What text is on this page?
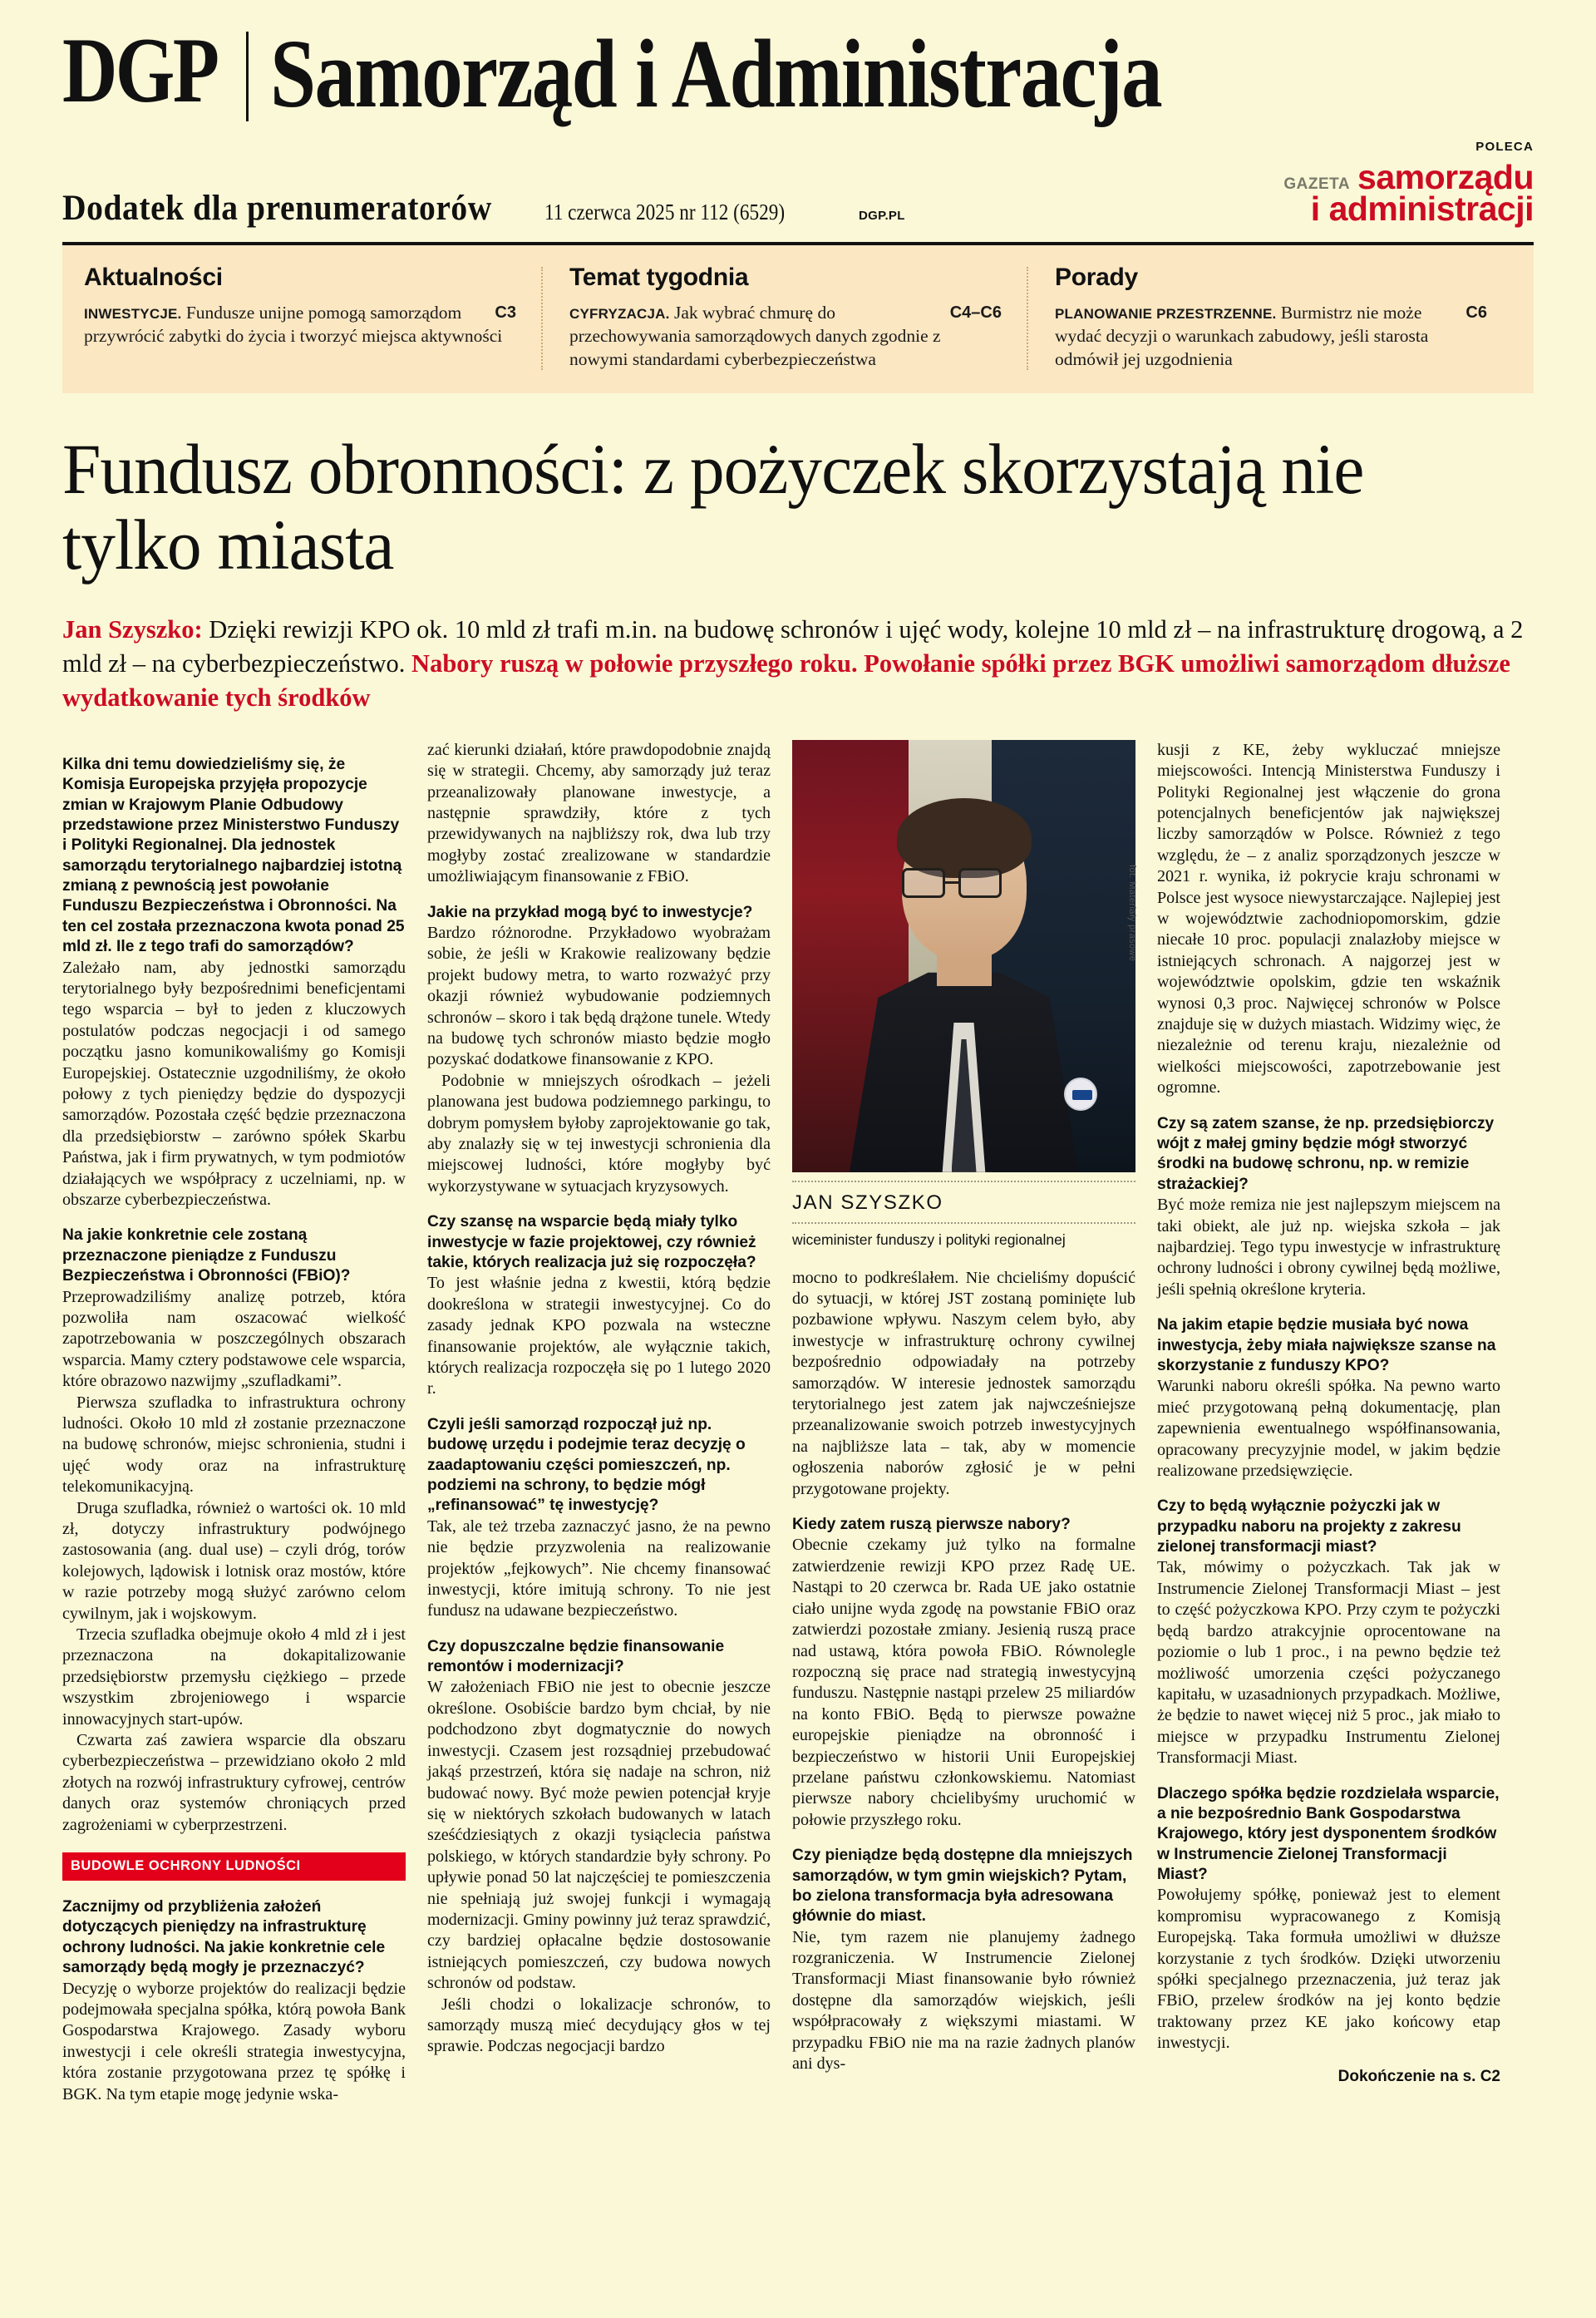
DGP Samorząd i Administracja
Dodatek dla prenumeratorów 11 czerwca 2025 nr 112 (6529)	DGP.PL
POLECA
GAZETA samorządu
i administracji
Aktualności

C3
INWESTYCJE. Fundusze unijne pomogą samorządom przywrócić zabytki do życia i tworzyć miejsca aktywności

Temat tygodnia

C4–C6
CYFRYZACJA. Jak wybrać chmurę do przechowywania samorządowych danych zgodnie z nowymi standardami cyberbezpieczeństwa

Porady

C6
PLANOWANIE PRZESTRZENNE. Burmistrz nie może wydać decyzji o warunkach zabudowy, jeśli starosta odmówił jej uzgodnienia

Fundusz obronności: z pożyczek skorzystają nie tylko miasta

Jan Szyszko: Dzięki rewizji KPO ok. 10 mld zł trafi m.in. na budowę schronów i ujęć wody, kolejne 10 mld zł – na infrastrukturę drogową, a 2 mld zł – na cyberbezpieczeństwo. Nabory ruszą w połowie przyszłego roku. Powołanie spółki przez BGK umożliwi samorządom dłuższe wydatkowanie tych środków

Kilka dni temu dowiedzieliśmy się, że Komisja Europejska przyjęła propozycje zmian w Krajowym Planie Odbudowy przedstawione przez Ministerstwo Funduszy i Polityki Regionalnej. Dla jednostek samorządu terytorialnego najbardziej istotną zmianą z pewnością jest powołanie Funduszu Bezpieczeństwa i Obronności. Na ten cel została przeznaczona kwota ponad 25 mld zł. Ile z tego trafi do samorządów?

Zależało nam, aby jednostki samorządu terytorialnego były bezpośrednimi beneficjentami tego wsparcia – był to jeden z kluczowych postulatów podczas negocjacji i od samego początku jasno komunikowaliśmy go Komisji Europejskiej. Ostatecznie uzgodniliśmy, że około połowy z tych pieniędzy będzie do dyspozycji samorządów. Pozostała część będzie przeznaczona dla przedsiębiorstw – zarówno spółek Skarbu Państwa, jak i firm prywatnych, w tym podmiotów działających we współpracy z uczelniami, np. w obszarze cyberbezpieczeństwa.

Na jakie konkretnie cele zostaną przeznaczone pieniądze z Funduszu Bezpieczeństwa i Obronności (FBiO)?

Przeprowadziliśmy analizę potrzeb, która pozwoliła nam oszacować wielkość zapotrzebowania w poszczególnych obszarach wsparcia. Mamy cztery podstawowe cele wsparcia, które obrazowo nazwijmy „szufladkami”.

Pierwsza szufladka to infrastruktura ochrony ludności. Około 10 mld zł zostanie przeznaczone na budowę schronów, miejsc schronienia, studni i ujęć wody oraz na infrastrukturę telekomunikacyjną.

Druga szufladka, również o wartości ok. 10 mld zł, dotyczy infrastruktury podwójnego zastosowania (ang. dual use) – czyli dróg, torów kolejowych, lądowisk i lotnisk oraz mostów, które w razie potrzeby mogą służyć zarówno celom cywilnym, jak i wojskowym.

Trzecia szufladka obejmuje około 4 mld zł i jest przeznaczona na dokapitalizowanie przedsiębiorstw przemysłu ciężkiego – przede wszystkim zbrojeniowego i wsparcie innowacyjnych start-upów.

Czwarta zaś zawiera wsparcie dla obszaru cyberbezpieczeństwa – przewidziano około 2 mld złotych na rozwój infrastruktury cyfrowej, centrów danych oraz systemów chroniących przed zagrożeniami w cyberprzestrzeni.

BUDOWLE OCHRONY LUDNOŚCI

Zacznijmy od przybliżenia założeń dotyczących pieniędzy na infrastrukturę ochrony ludności. Na jakie konkretnie cele samorządy będą mogły je przeznaczyć?

Decyzję o wyborze projektów do realizacji będzie podejmowała specjalna spółka, którą powoła Bank Gospodarstwa Krajowego. Zasady wyboru inwestycji i cele określi strategia inwestycyjna, która zostanie przygotowana przez tę spółkę i BGK. Na tym etapie mogę jedynie wska-

zać kierunki działań, które prawdopodobnie znajdą się w strategii. Chcemy, aby samorządy już teraz przeanalizowały planowane inwestycje, a następnie sprawdziły, które z tych przewidywanych na najbliższy rok, dwa lub trzy mogłyby zostać zrealizowane w standardzie umożliwiającym finansowanie z FBiO.

Jakie na przykład mogą być to inwestycje?

Bardzo różnorodne. Przykładowo wyobrażam sobie, że jeśli w Krakowie realizowany będzie projekt budowy metra, to warto rozważyć przy okazji również wybudowanie podziemnych schronów – skoro i tak będą drążone tunele. Wtedy na budowę tych schronów miasto będzie mogło pozyskać dodatkowe finansowanie z KPO.

Podobnie w mniejszych ośrodkach – jeżeli planowana jest budowa podziemnego parkingu, to dobrym pomysłem byłoby zaprojektowanie go tak, aby znalazły się w tej inwestycji schronienia dla miejscowej ludności, które mogłyby być wykorzystywane w sytuacjach kryzysowych.

Czy szansę na wsparcie będą miały tylko inwestycje w fazie projektowej, czy również takie, których realizacja już się rozpoczęła?

To jest właśnie jedna z kwestii, którą będzie dookreślona w strategii inwestycyjnej. Co do zasady jednak KPO pozwala na wsteczne finansowanie projektów, ale wyłącznie takich, których realizacja rozpoczęła się po 1 lutego 2020 r.

Czyli jeśli samorząd rozpoczął już np. budowę urzędu i podejmie teraz decyzję o zaadaptowaniu części pomieszczeń, np. podziemi na schrony, to będzie mógł „refinansować” tę inwestycję?

Tak, ale też trzeba zaznaczyć jasno, że na pewno nie będzie przyzwolenia na realizowanie projektów „fejkowych”. Nie chcemy finansować inwestycji, które imitują schrony. To nie jest fundusz na udawane bezpieczeństwo.

Czy dopuszczalne będzie finansowanie remontów i modernizacji?

W założeniach FBiO nie jest to obecnie jeszcze określone. Osobiście bardzo bym chciał, by nie podchodzono zbyt dogmatycznie do nowych inwestycji. Czasem jest rozsądniej przebudować jakąś przestrzeń, która się nadaje na schron, niż budować nowy. Być może pewien potencjał kryje się w niektórych szkołach budowanych w latach sześćdziesiątych z okazji tysiąclecia państwa polskiego, w których standardzie były schrony. Po upływie ponad 50 lat najczęściej te pomieszczenia nie spełniają już swojej funkcji i wymagają modernizacji. Gminy powinny już teraz sprawdzić, czy bardziej opłacalne będzie dostosowanie istniejących pomieszczeń, czy budowa nowych schronów od podstaw.

Jeśli chodzi o lokalizacje schronów, to samorządy muszą mieć decydujący głos w tej sprawie. Podczas negocjacji bardzo

fot. Materiały prasowe
JAN SZYSZKO
wiceminister funduszy i polityki regionalnej

mocno to podkreślałem. Nie chcieliśmy dopuścić do sytuacji, w której JST zostaną pominięte lub pozbawione wpływu. Naszym celem było, aby inwestycje w infrastrukturę ochrony cywilnej bezpośrednio odpowiadały na potrzeby samorządów. W interesie jednostek samorządu terytorialnego jest zatem jak najwcześniejsze przeanalizowanie swoich potrzeb inwestycyjnych na najbliższe lata – tak, aby w momencie ogłoszenia naborów zgłosić je w pełni przygotowane projekty.

Kiedy zatem ruszą pierwsze nabory?

Obecnie czekamy już tylko na formalne zatwierdzenie rewizji KPO przez Radę UE. Nastąpi to 20 czerwca br. Rada UE jako ostatnie ciało unijne wyda zgodę na powstanie FBiO oraz zatwierdzi pozostałe zmiany. Jesienią ruszą prace nad ustawą, która powoła FBiO. Równolegle rozpoczną się prace nad strategią inwestycyjną funduszu. Następnie nastąpi przelew 25 miliardów na konto FBiO. Będą to pierwsze poważne europejskie pieniądze na obronność i bezpieczeństwo w historii Unii Europejskiej przelane państwu członkowskiemu. Natomiast pierwsze nabory chcielibyśmy uruchomić w połowie przyszłego roku.

Czy pieniądze będą dostępne dla mniejszych samorządów, w tym gmin wiejskich? Pytam, bo zielona transformacja była adresowana głównie do miast.

Nie, tym razem nie planujemy żadnego rozgraniczenia. W Instrumencie Zielonej Transformacji Miast finansowanie było również dostępne dla samorządów wiejskich, jeśli współpracowały z większymi miastami. W przypadku FBiO nie ma na razie żadnych planów ani dys-

kusji z KE, żeby wykluczać mniejsze miejscowości. Intencją Ministerstwa Funduszy i Polityki Regionalnej jest włączenie do grona potencjalnych beneficjentów jak największej liczby samorządów w Polsce. Również z tego względu, że – z analiz sporządzonych jeszcze w 2021 r. wynika, iż pokrycie kraju schronami w Polsce jest wysoce niewystarczające. Najlepiej jest w województwie zachodniopomorskim, gdzie niecałe 10 proc. populacji znalazłoby miejsce w istniejących schronach. A najgorzej jest w województwie opolskim, gdzie ten wskaźnik wynosi 0,3 proc. Najwięcej schronów w Polsce znajduje się w dużych miastach. Widzimy więc, że niezależnie od terenu kraju, niezależnie od wielkości miejscowości, zapotrzebowanie jest ogromne.

Czy są zatem szanse, że np. przedsiębiorczy wójt z małej gminy będzie mógł stworzyć środki na budowę schronu, np. w remizie strażackiej?

Być może remiza nie jest najlepszym miejscem na taki obiekt, ale już np. wiejska szkoła – jak najbardziej. Tego typu inwestycje w infrastrukturę ochrony ludności i obrony cywilnej będą możliwe, jeśli spełnią określone kryteria.

Na jakim etapie będzie musiała być nowa inwestycja, żeby miała największe szanse na skorzystanie z funduszy KPO?

Warunki naboru określi spółka. Na pewno warto mieć przygotowaną pełną dokumentację, plan zapewnienia ewentualnego współfinansowania, opracowany precyzyjnie model, w jakim będzie realizowane przedsięwzięcie.

Czy to będą wyłącznie pożyczki jak w przypadku naboru na projekty z zakresu zielonej transformacji miast?

Tak, mówimy o pożyczkach. Tak jak w Instrumencie Zielonej Transformacji Miast – jest to część pożyczkowa KPO. Przy czym te pożyczki będą bardzo atrakcyjnie oprocentowane na poziomie o lub 1 proc., i na pewno będzie też możliwość umorzenia części pożyczanego kapitału, w uzasadnionych przypadkach. Możliwe, że będzie to nawet więcej niż 5 proc., jak miało to miejsce w przypadku Instrumentu Zielonej Transformacji Miast.

Dlaczego spółka będzie rozdzielała wsparcie, a nie bezpośrednio Bank Gospodarstwa Krajowego, który jest dysponentem środków w Instrumencie Zielonej Transformacji Miast?

Powołujemy spółkę, ponieważ jest to element kompromisu wypracowanego z Komisją Europejską. Taka formuła umożliwi w dłuższe korzystanie z tych środków. Dzięki utworzeniu spółki specjalnego przeznaczenia, już teraz jak FBiO, przelew środków na jej konto będzie traktowany przez KE jako końcowy etap inwestycji.

Dokończenie na s. C2
